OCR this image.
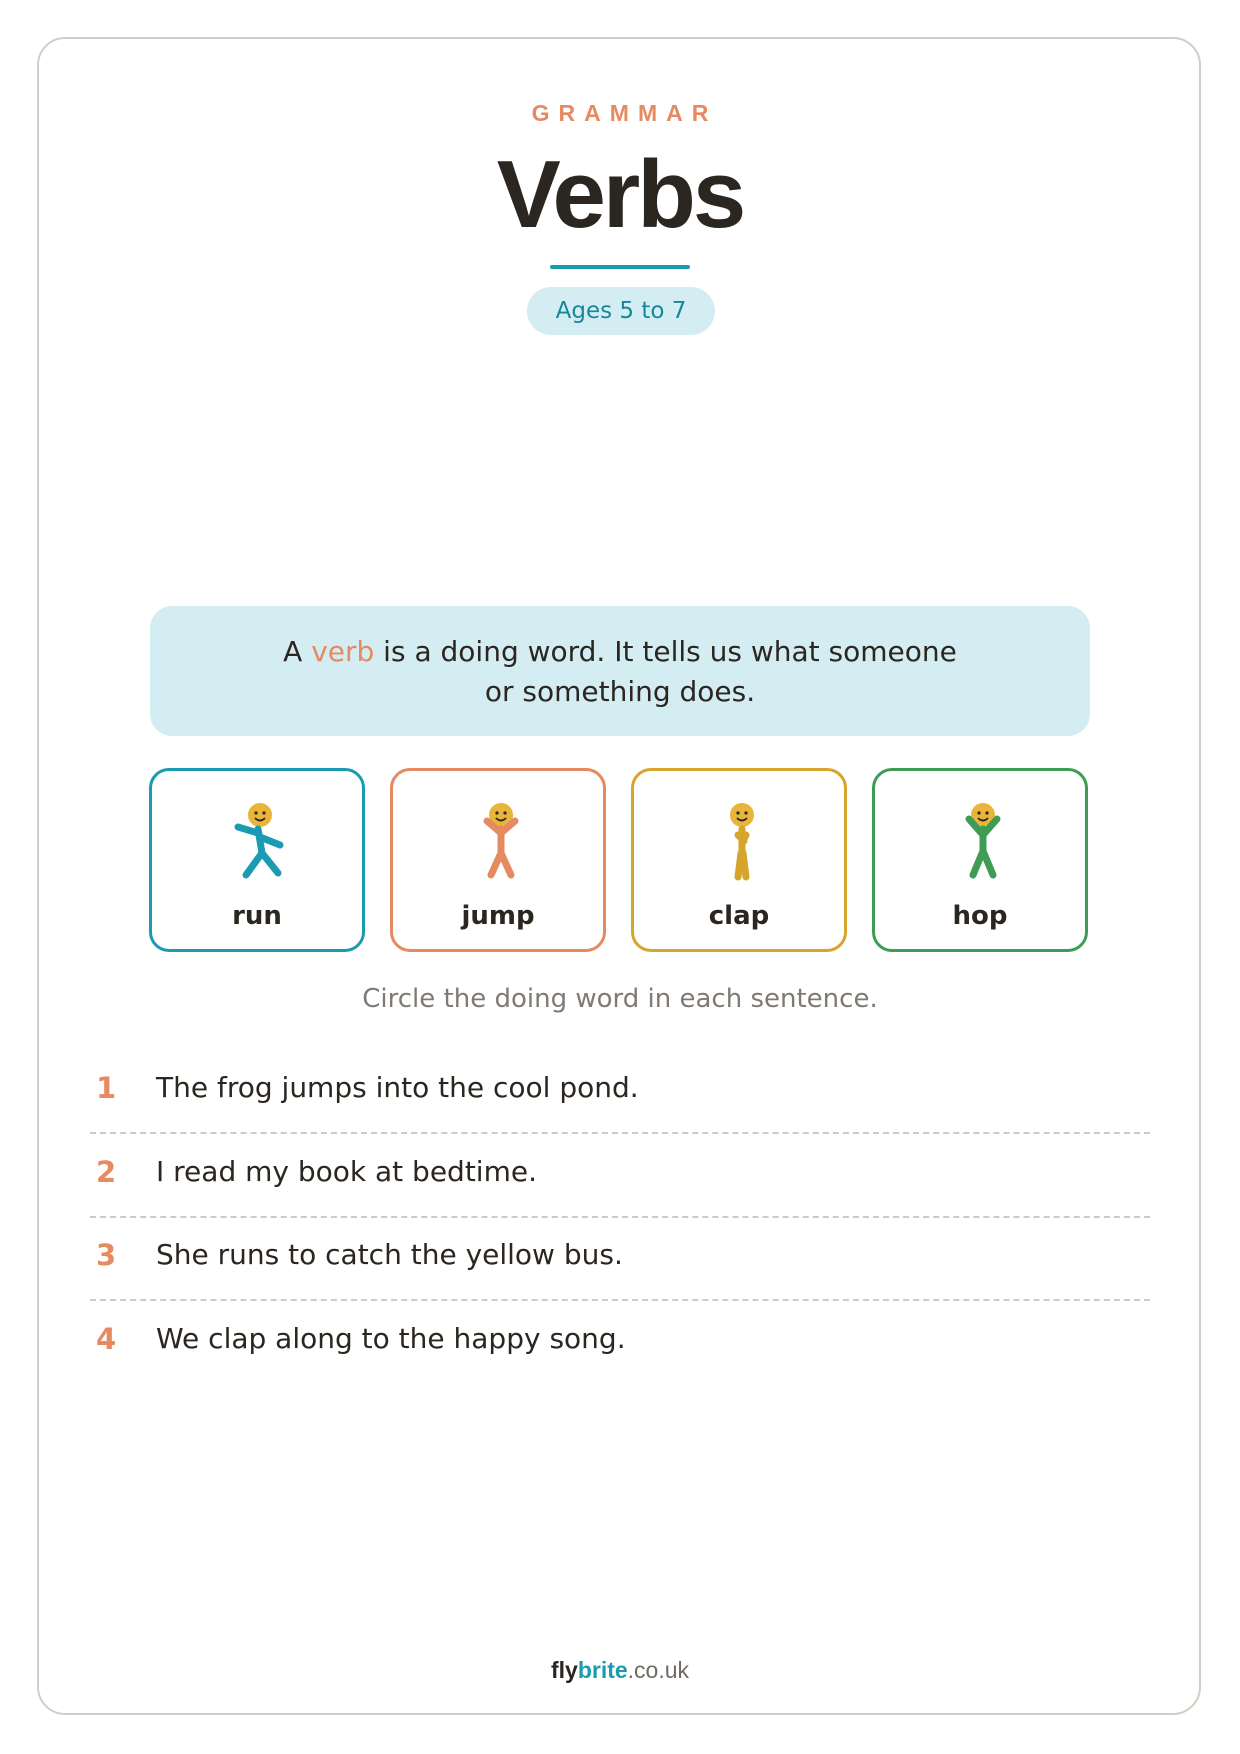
GRAMMAR
Verbs
Ages 5 to 7
A verb is a doing word. It tells us what someone or something does.
run	jump	clap	hop
Circle the doing word in each sentence.
1 The frog jumps into the cool pond.
2 I read my book at bedtime.
3 She runs to catch the yellow bus.
4 We clap along to the happy song.
flybrite.co.uk
